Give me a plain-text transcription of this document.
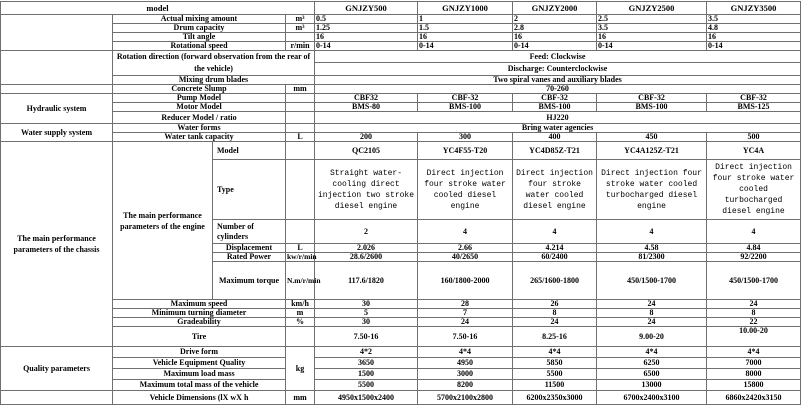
model				GNJZY500	GNJZY1000	GNJZY2000	GNJZY2500	GNJZY3500
	Actual mixing amount		m³	0.5	1	2	2.5	3.5
	Drum capacity		m³	1.25	1.5	2.8	3.5	4.8
	Tilt angle			16	16	16	16	16
	Rotational speed		r/min	0-14	0-14	0-14	0-14	0-14
	Rotation direction (forward observation from the rear of the vehicle)			Feed: Clockwise				
				Discharge: Counterclockwise				
	Mixing drum blades			Two spiral vanes and auxiliary blades				
	Concrete Slump		mm	70-260				
Hydraulic system	Pump Model			CBF32	CBF-32	CBF-32	CBF-32	CBF-32
	Motor Model			BMS-80	BMS-100	BMS-100	BMS-100	BMS-125
	Reducer Model / ratio			HJ220				
Water supply system	Water forms			Bring water agencies				
	Water tank capacity		L	200	300	400	450	500
The main performance parameters of the chassis	The main performance parameters of the engine	Model		QC2105	YC4F55-T20	YC4D85Z-T21	YC4A125Z-T21	YC4A
		Type		Straight water-cooling direct injection two stroke diesel engine	Direct injection four stroke water cooled diesel engine	Direct injection four stroke water cooled diesel engine	Direct injection four stroke water cooled turbocharged diesel engine	Direct injection four stroke water cooled turbocharged diesel engine
		Number of cylinders		2	4	4	4	4
		Displacement	L	2.026	2.66	4.214	4.58	4.84
		Rated Power	kw/r/min	28.6/2600	40/2650	60/2400	81/2300	92/2200
		Maximum torque	N.m/r/min	117.6/1820	160/1800-2000	265/1600-1800	450/1500-1700	450/1500-1700
	Maximum speed		km/h	30	28	26	24	24
	Minimum turning diameter		m	5	7	8	8	8
	Gradeability		%	30	24	24	24	22
	Tire			7.50-16	7.50-16	8.25-16	9.00-20	10.00-20
Quality parameters	Drive form		kg	4*2	4*4	4*4	4*4	4*4
	Vehicle Equipment Quality			3650	4950	5850	6250	7000
	Maximum load mass			1500	3000	5500	6500	8000
	Maximum total mass of the vehicle			5500	8200	11500	13000	15800
	Vehicle Dimensions (lX wX h		mm	4950x1500x2400	5700x2100x2800	6200x2350x3000	6700x2400x3100	6860x2420x3150
